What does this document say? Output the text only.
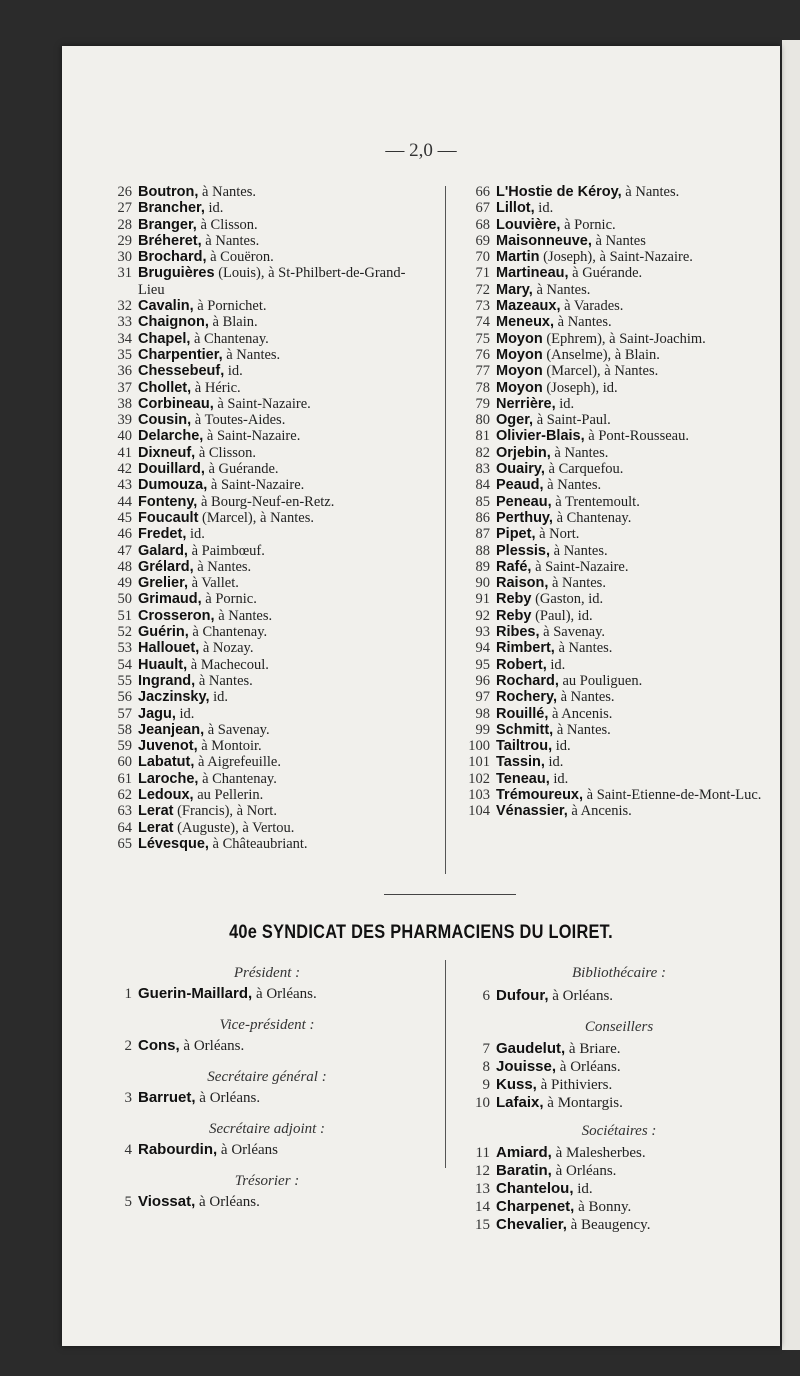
— 2,0 —
26 Boutron, à Nantes.
27 Brancher, id.
28 Branger, à Clisson.
29 Bréheret, à Nantes.
30 Brochard, à Couëron.
31 Bruguières (Louis), à St-Philbert-de-Grand-Lieu
32 Cavalin, à Pornichet.
33 Chaignon, à Blain.
34 Chapel, à Chantenay.
35 Charpentier, à Nantes.
36 Chessebeuf, id.
37 Chollet, à Héric.
38 Corbineau, à Saint-Nazaire.
39 Cousin, à Toutes-Aides.
40 Delarche, à Saint-Nazaire.
41 Dixneuf, à Clisson.
42 Douillard, à Guérande.
43 Dumouza, à Saint-Nazaire.
44 Fonteny, à Bourg-Neuf-en-Retz.
45 Foucault (Marcel), à Nantes.
46 Fredet, id.
47 Galard, à Paimbœuf.
48 Grélard, à Nantes.
49 Grelier, à Vallet.
50 Grimaud, à Pornic.
51 Crosseron, à Nantes.
52 Guérin, à Chantenay.
53 Hallouet, à Nozay.
54 Huault, à Machecoul.
55 Ingrand, à Nantes.
56 Jaczinsky, id.
57 Jagu, id.
58 Jeanjean, à Savenay.
59 Juvenot, à Montoir.
60 Labatut, à Aigrefeuille.
61 Laroche, à Chantenay.
62 Ledoux, au Pellerin.
63 Lerat (Francis), à Nort.
64 Lerat (Auguste), à Vertou.
65 Lévesque, à Châteaubriant.
66 L'Hostie de Kéroy, à Nantes.
67 Lillot, id.
68 Louvière, à Pornic.
69 Maisonneuve, à Nantes
70 Martin (Joseph), à Saint-Nazaire.
71 Martineau, à Guérande.
72 Mary, à Nantes.
73 Mazeaux, à Varades.
74 Meneux, à Nantes.
75 Moyon (Ephrem), à Saint-Joachim.
76 Moyon (Anselme), à Blain.
77 Moyon (Marcel), à Nantes.
78 Moyon (Joseph), id.
79 Nerrière, id.
80 Oger, à Saint-Paul.
81 Olivier-Blais, à Pont-Rousseau.
82 Orjebin, à Nantes.
83 Ouairy, à Carquefou.
84 Peaud, à Nantes.
85 Peneau, à Trentemoult.
86 Perthuy, à Chantenay.
87 Pipet, à Nort.
88 Plessis, à Nantes.
89 Rafé, à Saint-Nazaire.
90 Raison, à Nantes.
91 Reby (Gaston, id.
92 Reby (Paul), id.
93 Ribes, à Savenay.
94 Rimbert, à Nantes.
95 Robert, id.
96 Rochard, au Pouliguen.
97 Rochery, à Nantes.
98 Rouillé, à Ancenis.
99 Schmitt, à Nantes.
100 Tailtrou, id.
101 Tassin, id.
102 Teneau, id.
103 Trémoureux, à Saint-Etienne-de-Mont-Luc.
104 Vénassier, à Ancenis.
40e SYNDICAT DES PHARMACIENS DU LOIRET.
Président :
1 Guerin-Maillard, à Orléans.
Vice-président :
2 Cons, à Orléans.
Secrétaire général :
3 Barruet, à Orléans.
Secrétaire adjoint :
4 Rabourdin, à Orléans
Trésorier :
5 Viossat, à Orléans.
Bibliothécaire :
6 Dufour, à Orléans.
Conseillers
7 Gaudelut, à Briare.
8 Jouisse, à Orléans.
9 Kuss, à Pithiviers.
10 Lafaix, à Montargis.
Sociétaires :
11 Amiard, à Malesherbes.
12 Baratin, à Orléans.
13 Chantelou, id.
14 Charpenet, à Bonny.
15 Chevalier, à Beaugency.
